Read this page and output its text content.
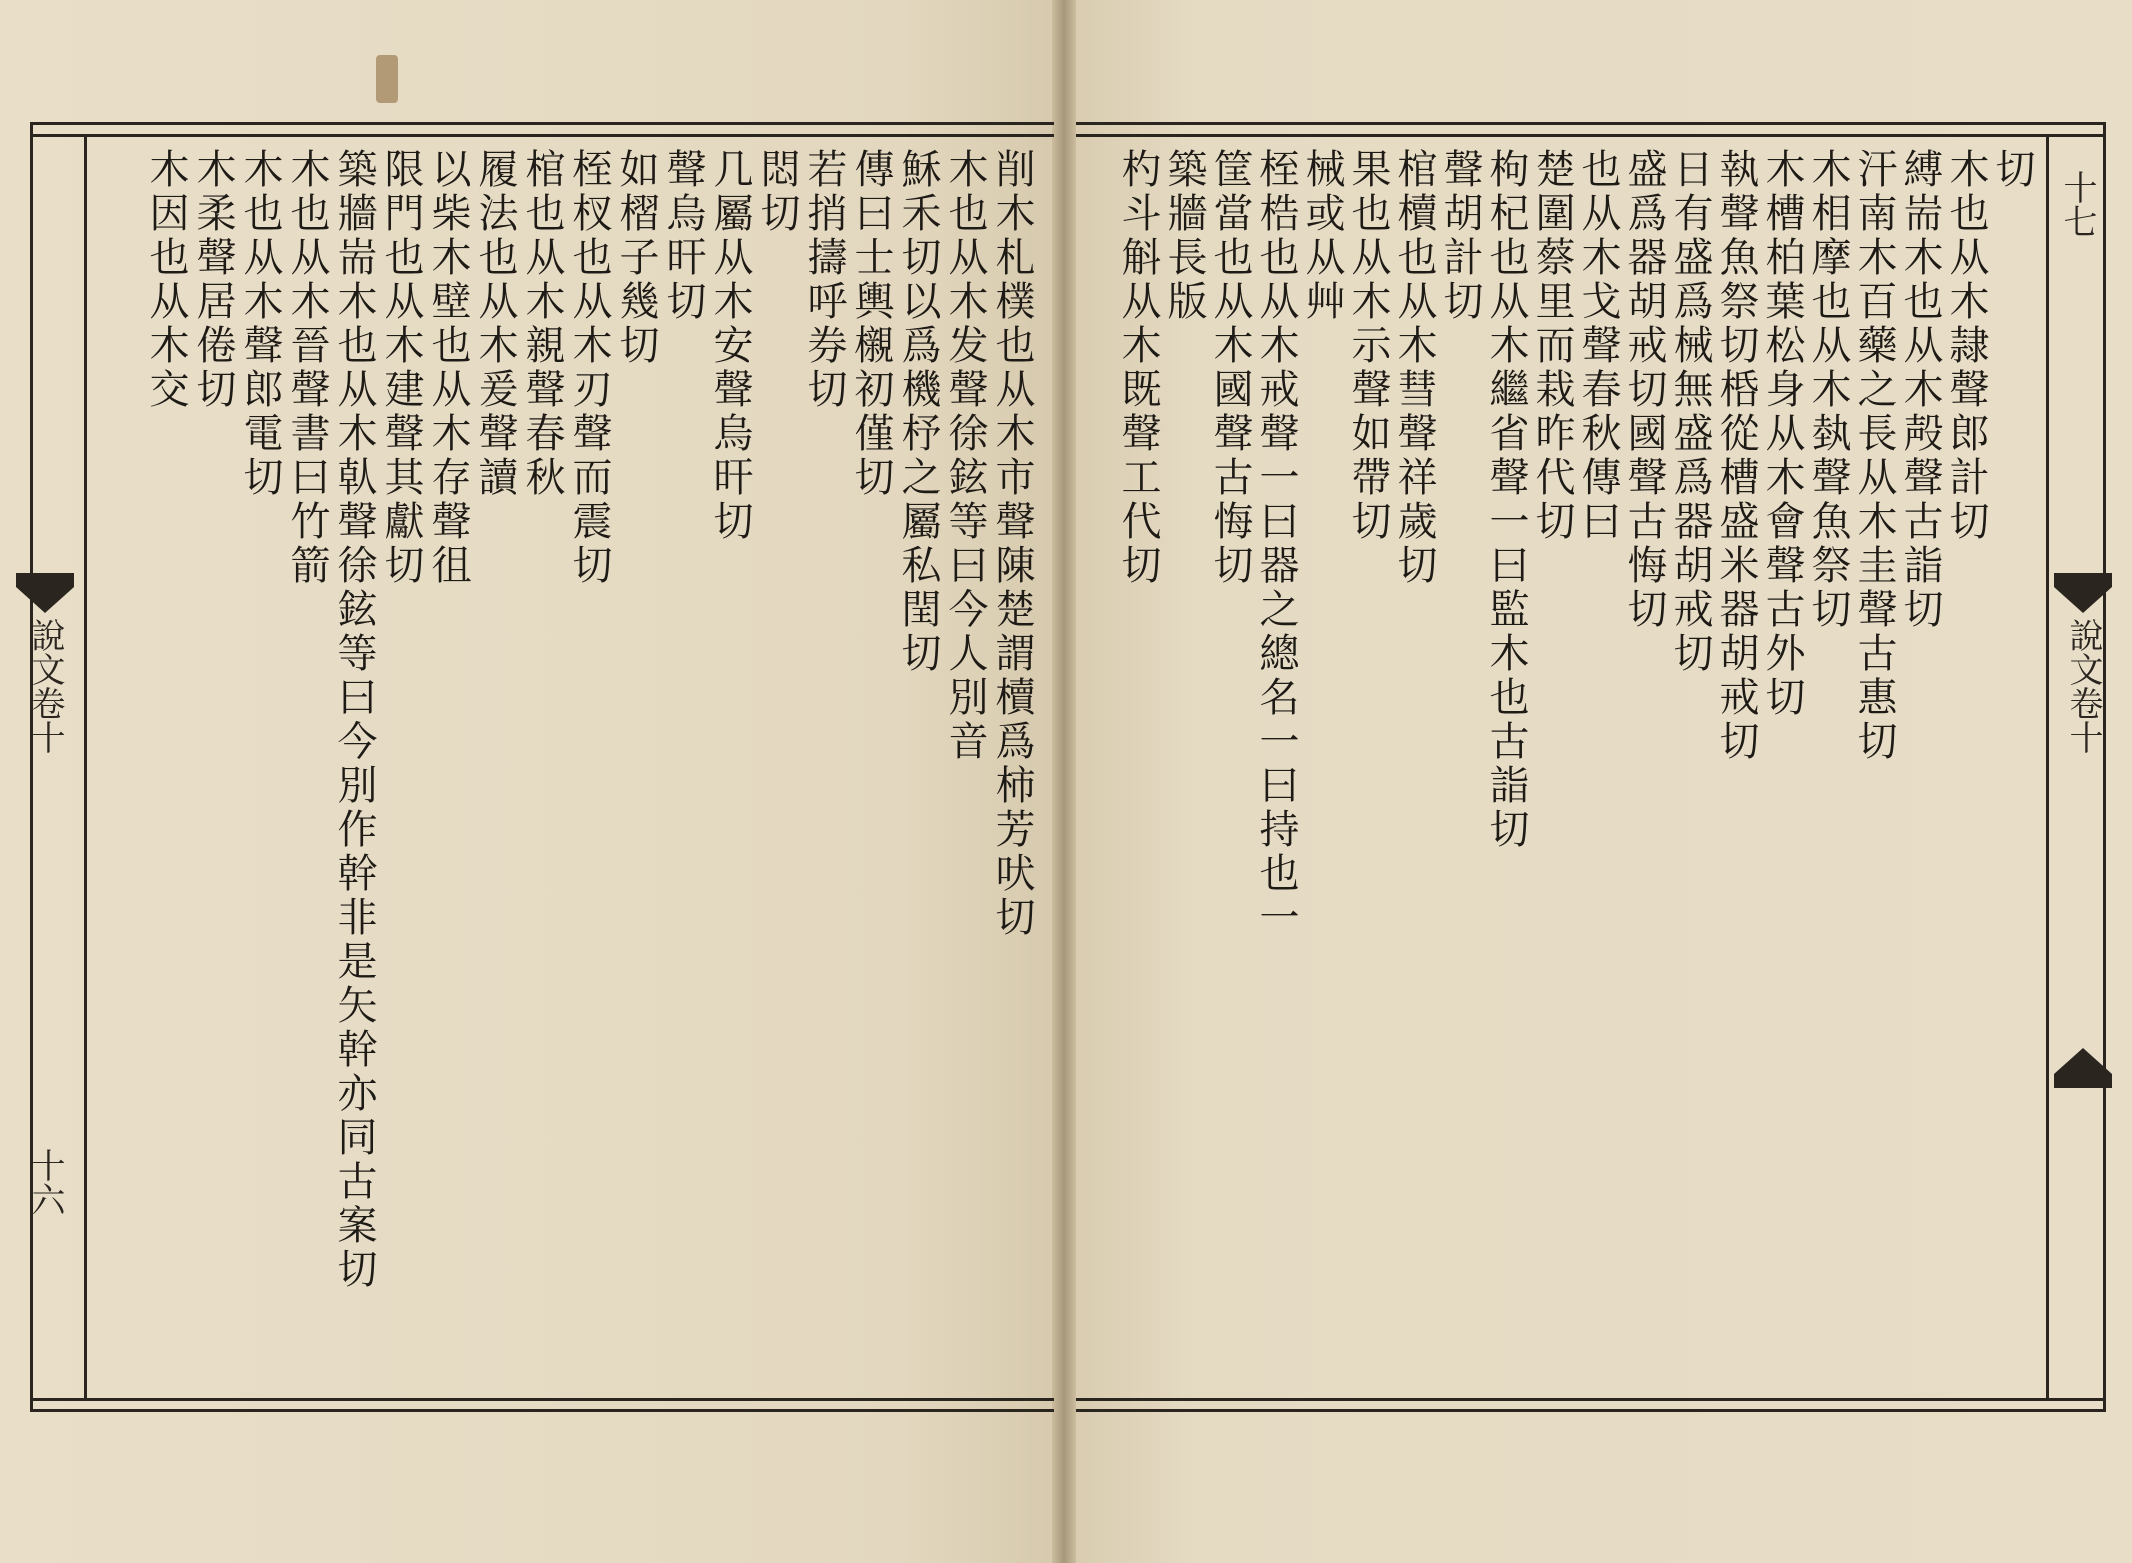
切
木也从木隷聲郎計切
縛耑木也从木殸聲古詣切
汗南木百藥之長从木圭聲古惠切
木相摩也从木埶聲魚祭切
木槽柏葉松身从木會聲古外切
執聲魚祭切桰從槽盛米器胡戒切
日有盛爲械無盛爲器胡戒切
盛爲器胡戒切國聲古悔切
也从木戈聲春秋傳曰
楚圍蔡里而栽昨代切
枸杞也从木繼省聲一曰監木也古詣切
聲胡計切
棺櫝也从木彗聲祥歲切
果也从木示聲如帶切
械或从艸
桎梏也从木戒聲一曰器之總名一曰持也一
筐當也从木國聲古悔切
築牆長版
杓斗斛从木既聲工代切
削木札樸也从木市聲陳楚謂櫝爲柿芳吠切
木也从木发聲徐鉉等曰今人別音
穌禾切以爲機杼之屬私閏切
傳曰士輿櫬初僅切
若捎擣呼券切
悶切
几屬从木安聲烏旰切
聲烏旰切
如槢子幾切
桎杈也从木刃聲而震切
棺也从木親聲春秋
履法也从木爰聲讀
以柴木壁也从木存聲徂
限門也从木建聲其獻切
築牆耑木也从木倝聲徐鉉等曰今別作幹非是矢幹亦同古案切
木也从木晉聲書曰竹箭
木也从木聲郎電切
木柔聲居倦切
木因也从木交
說文卷十
十七
說文卷十
十六
